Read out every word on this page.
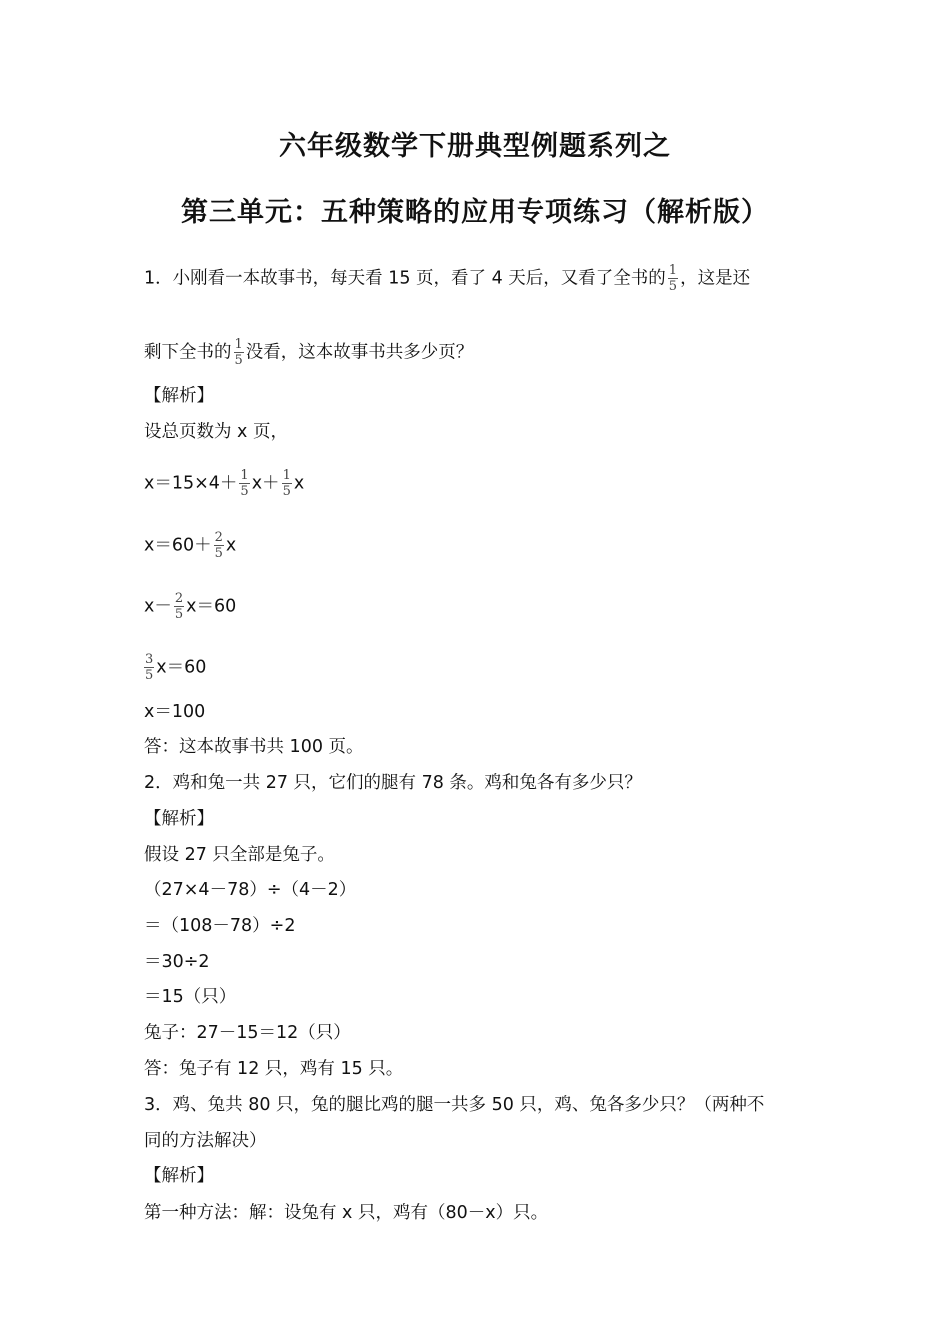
六年级数学下册典型例题系列之
第三单元：五种策略的应用专项练习（解析版）
1．小刚看一本故事书，每天看 15 页，看了 4 天后，又看了全书的 $\frac{1}{5}$ ，这是还
剩下全书的 $\frac{1}{5}$ 没看，这本故事书共多少页？
【解析】
设总页数为 x 页，
$x=15\times 4+ \frac{1}{5} x+ \frac{1}{5}$ x
$x=60+ \frac{2}{5}$ x
$x- \frac{2}{5} x=60$
$\frac{3}{5} x=60$
x＝100
答：这本故事书共 100 页。
2．鸡和兔一共 27 只，它们的腿有 78 条。鸡和兔各有多少只？
【解析】
假设 27 只全部是兔子。
（27×4－78）÷（4－2）
＝（108－78）÷2
＝30÷2
＝15（只）
兔子：27－15＝12（只）
答：兔子有 12 只，鸡有 15 只。
3．鸡、兔共 80 只，兔的腿比鸡的腿一共多 50 只，鸡、兔各多少只？（两种不
同的方法解决）
【解析】
第一种方法：解：设兔有 x 只，鸡有（80－x）只。
